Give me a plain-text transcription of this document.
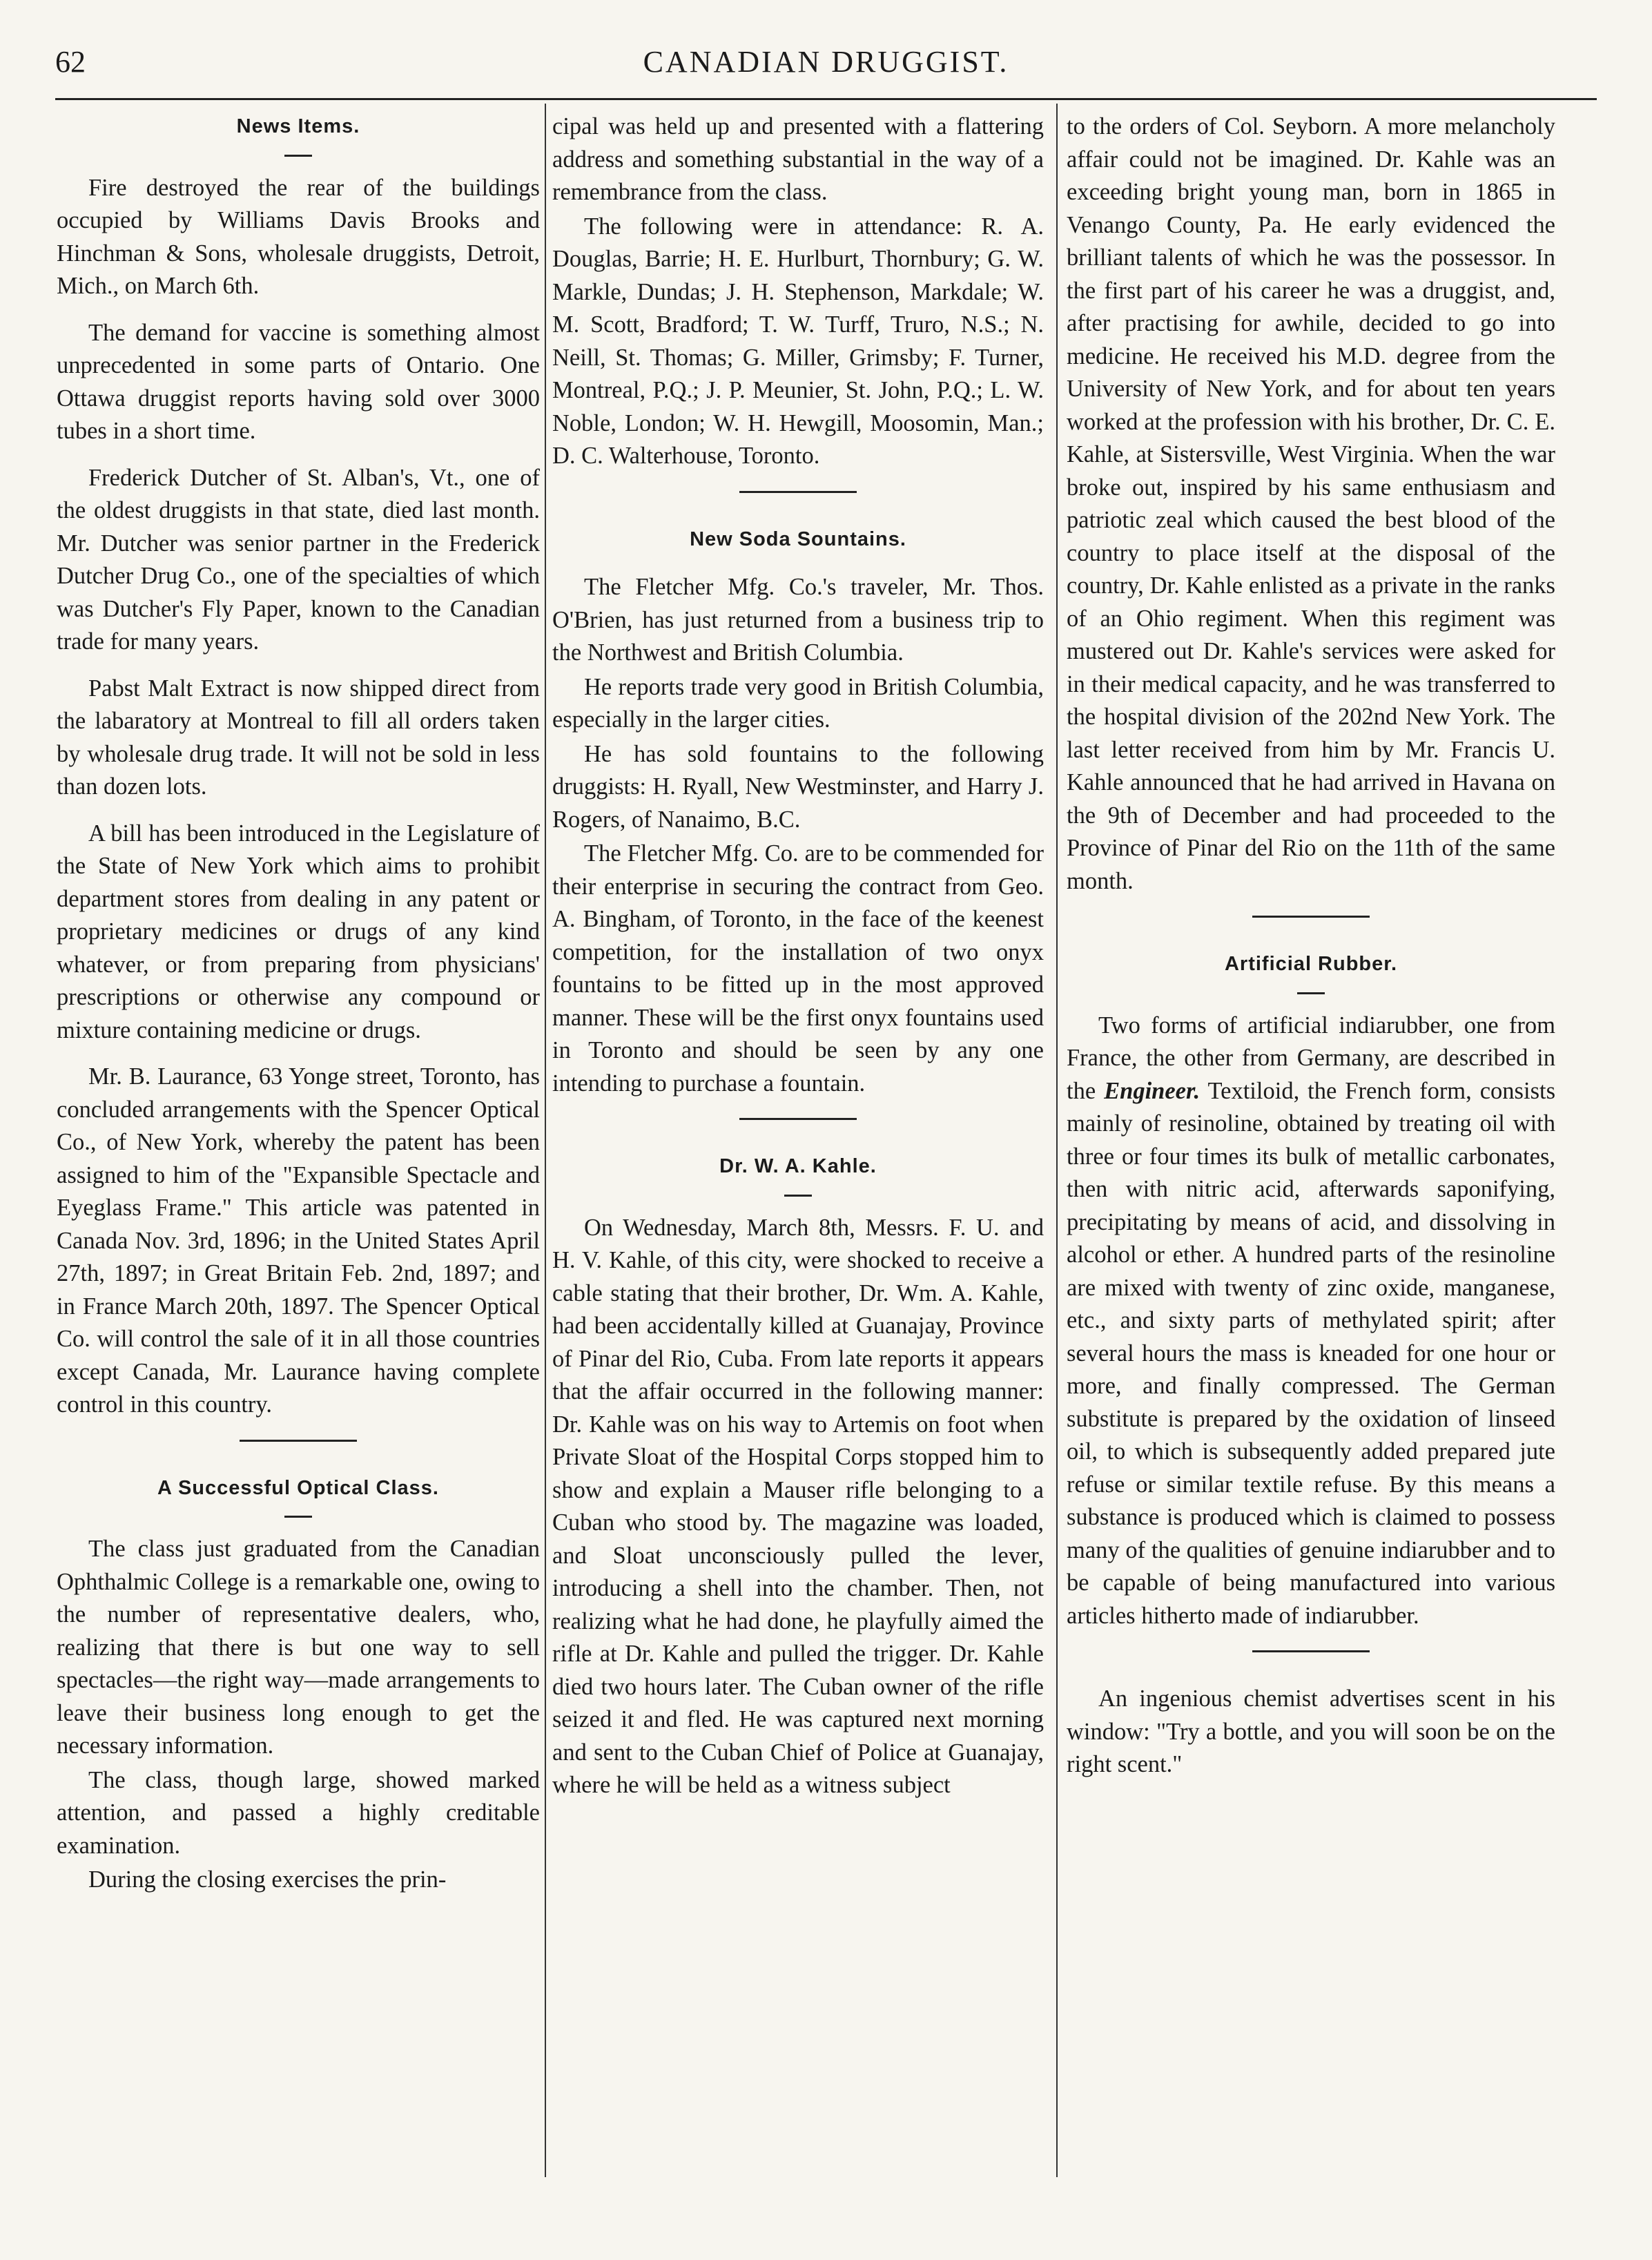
62	CANADIAN DRUGGIST.
News Items.

Fire destroyed the rear of the buildings occupied by Williams Davis Brooks and Hinchman & Sons, wholesale druggists, Detroit, Mich., on March 6th.

The demand for vaccine is something almost unprecedented in some parts of Ontario. One Ottawa druggist reports having sold over 3000 tubes in a short time.

Frederick Dutcher of St. Alban's, Vt., one of the oldest druggists in that state, died last month. Mr. Dutcher was senior partner in the Frederick Dutcher Drug Co., one of the specialties of which was Dutcher's Fly Paper, known to the Canadian trade for many years.

Pabst Malt Extract is now shipped direct from the labaratory at Montreal to fill all orders taken by wholesale drug trade. It will not be sold in less than dozen lots.

A bill has been introduced in the Legislature of the State of New York which aims to prohibit department stores from dealing in any patent or proprietary medicines or drugs of any kind whatever, or from preparing from physicians' prescriptions or otherwise any compound or mixture containing medicine or drugs.

Mr. B. Laurance, 63 Yonge street, Toronto, has concluded arrangements with the Spencer Optical Co., of New York, whereby the patent has been assigned to him of the "Expansible Spectacle and Eyeglass Frame." This article was patented in Canada Nov. 3rd, 1896; in the United States April 27th, 1897; in Great Britain Feb. 2nd, 1897; and in France March 20th, 1897. The Spencer Optical Co. will control the sale of it in all those countries except Canada, Mr. Laurance having complete control in this country.

A Successful Optical Class.

The class just graduated from the Canadian Ophthalmic College is a remarkable one, owing to the number of representative dealers, who, realizing that there is but one way to sell spectacles—the right way—made arrangements to leave their business long enough to get the necessary information.

The class, though large, showed marked attention, and passed a highly creditable examination.

During the closing exercises the prin-

cipal was held up and presented with a flattering address and something substantial in the way of a remembrance from the class.

The following were in attendance: R. A. Douglas, Barrie; H. E. Hurlburt, Thornbury; G. W. Markle, Dundas; J. H. Stephenson, Markdale; W. M. Scott, Bradford; T. W. Turff, Truro, N.S.; N. Neill, St. Thomas; G. Miller, Grimsby; F. Turner, Montreal, P.Q.; J. P. Meunier, St. John, P.Q.; L. W. Noble, London; W. H. Hewgill, Moosomin, Man.; D. C. Walterhouse, Toronto.

New Soda Sountains.

The Fletcher Mfg. Co.'s traveler, Mr. Thos. O'Brien, has just returned from a business trip to the Northwest and British Columbia.

He reports trade very good in British Columbia, especially in the larger cities.

He has sold fountains to the following druggists: H. Ryall, New Westminster, and Harry J. Rogers, of Nanaimo, B.C.

The Fletcher Mfg. Co. are to be commended for their enterprise in securing the contract from Geo. A. Bingham, of Toronto, in the face of the keenest competition, for the installation of two onyx fountains to be fitted up in the most approved manner. These will be the first onyx fountains used in Toronto and should be seen by any one intending to purchase a fountain.

Dr. W. A. Kahle.

On Wednesday, March 8th, Messrs. F. U. and H. V. Kahle, of this city, were shocked to receive a cable stating that their brother, Dr. Wm. A. Kahle, had been accidentally killed at Guanajay, Province of Pinar del Rio, Cuba. From late reports it appears that the affair occurred in the following manner: Dr. Kahle was on his way to Artemis on foot when Private Sloat of the Hospital Corps stopped him to show and explain a Mauser rifle belonging to a Cuban who stood by. The magazine was loaded, and Sloat unconsciously pulled the lever, introducing a shell into the chamber. Then, not realizing what he had done, he playfully aimed the rifle at Dr. Kahle and pulled the trigger. Dr. Kahle died two hours later. The Cuban owner of the rifle seized it and fled. He was captured next morning and sent to the Cuban Chief of Police at Guanajay, where he will be held as a witness subject

to the orders of Col. Seyborn. A more melancholy affair could not be imagined. Dr. Kahle was an exceeding bright young man, born in 1865 in Venango County, Pa. He early evidenced the brilliant talents of which he was the possessor. In the first part of his career he was a druggist, and, after practising for awhile, decided to go into medicine. He received his M.D. degree from the University of New York, and for about ten years worked at the profession with his brother, Dr. C. E. Kahle, at Sistersville, West Virginia. When the war broke out, inspired by his same enthusiasm and patriotic zeal which caused the best blood of the country to place itself at the disposal of the country, Dr. Kahle enlisted as a private in the ranks of an Ohio regiment. When this regiment was mustered out Dr. Kahle's services were asked for in their medical capacity, and he was transferred to the hospital division of the 202nd New York. The last letter received from him by Mr. Francis U. Kahle announced that he had arrived in Havana on the 9th of December and had proceeded to the Province of Pinar del Rio on the 11th of the same month.

Artificial Rubber.

Two forms of artificial indiarubber, one from France, the other from Germany, are described in the Engineer. Textiloid, the French form, consists mainly of resinoline, obtained by treating oil with three or four times its bulk of metallic carbonates, then with nitric acid, afterwards saponifying, precipitating by means of acid, and dissolving in alcohol or ether. A hundred parts of the resinoline are mixed with twenty of zinc oxide, manganese, etc., and sixty parts of methylated spirit; after several hours the mass is kneaded for one hour or more, and finally compressed. The German substitute is prepared by the oxidation of linseed oil, to which is subsequently added prepared jute refuse or similar textile refuse. By this means a substance is produced which is claimed to possess many of the qualities of genuine indiarubber and to be capable of being manufactured into various articles hitherto made of indiarubber.

An ingenious chemist advertises scent in his window: "Try a bottle, and you will soon be on the right scent."
